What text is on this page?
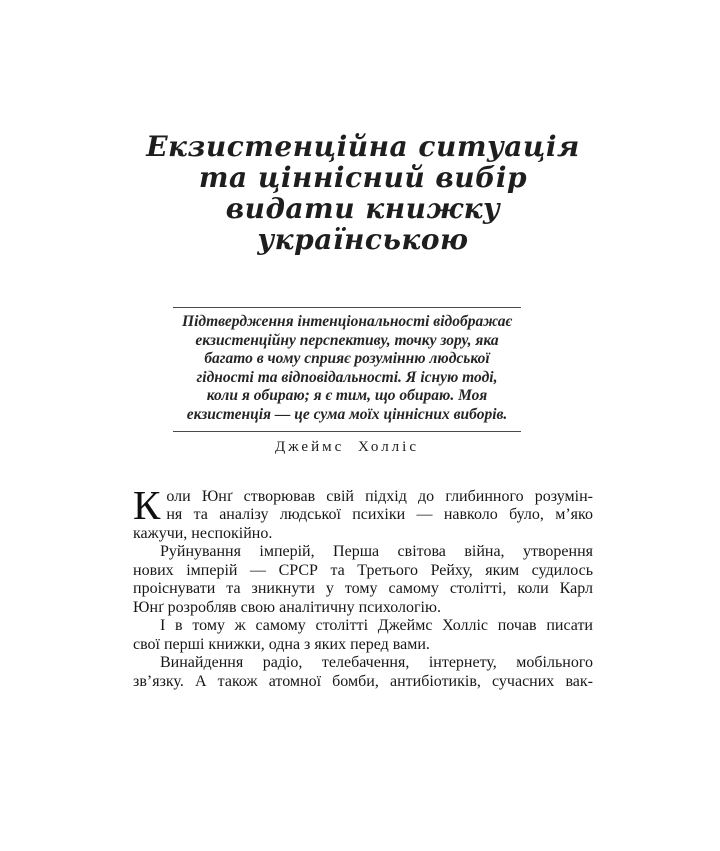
Екзистенційна ситуація
та ціннісний вибір
видати книжку українською
Підтвердження інтенціональності відображає
екзистенційну перспективу, точку зору, яка
багато в чому сприяє розумінню людської
гідності та відповідальності. Я існую тоді,
коли я обираю; я є тим, що обираю. Моя
екзистенція — це сума моїх ціннісних виборів.
Джеймс Холліс
К оли Юнґ створював свій підхід до глибинного розумін-
ня та аналізу людської психіки — навколо було, м’яко
кажучи, неспокійно.
Руйнування імперій, Перша світова війна, утворення
нових імперій — СРСР та Третього Рейху, яким судилось
проіснувати та зникнути у тому самому столітті, коли Карл
Юнґ розробляв свою аналітичну психологію.
І в тому ж самому столітті Джеймс Холліс почав писати
свої перші книжки, одна з яких перед вами.
Винайдення радіо, телебачення, інтернету, мобільного
зв’язку. А також атомної бомби, антибіотиків, сучасних вак-
